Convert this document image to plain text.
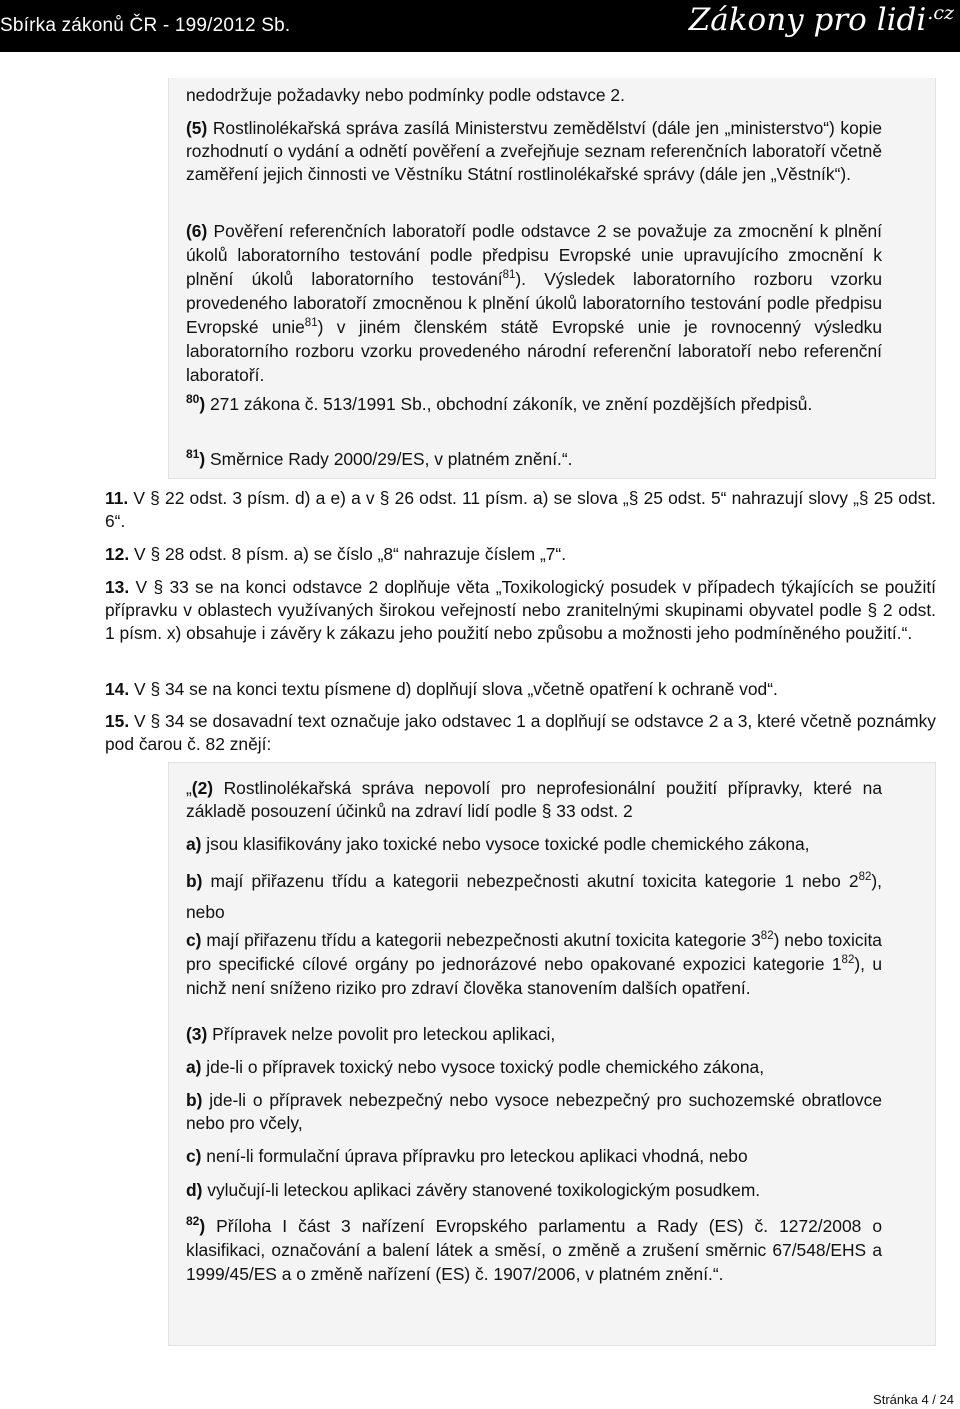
Sbírka zákonů ČR - 199/2012 Sb.	Zákony pro lidi$^{.cz}$

nedodržuje požadavky nebo podmínky podle odstavce 2.

(5) Rostlinolékařská správa zasílá Ministerstvu zemědělství (dále jen „ministerstvo“) kopie rozhodnutí o vydání a odnětí pověření a zveřejňuje seznam referenčních laboratoří včetně zaměření jejich činnosti ve Věstníku Státní rostlinolékařské správy (dále jen „Věstník“).

(6) Pověření referenčních laboratoří podle odstavce 2 se považuje za zmocnění k plnění úkolů laboratorního testování podle předpisu Evropské unie upravujícího zmocnění k plnění úkolů laboratorního testování$^{81}$). Výsledek laboratorního rozboru vzorku provedeného laboratoří zmocněnou k plnění úkolů laboratorního testování podle předpisu Evropské unie$^{81}$) v jiném členském státě Evropské unie je rovnocenný výsledku laboratorního rozboru vzorku provedeného národní referenční laboratoří nebo referenční laboratoří.

$^{80}$) 271 zákona č. 513/1991 Sb., obchodní zákoník, ve znění pozdějších předpisů.

$^{81}$) Směrnice Rady 2000/29/ES, v platném znění.“.

11. V § 22 odst. 3 písm. d) a e) a v § 26 odst. 11 písm. a) se slova „§ 25 odst. 5“ nahrazují slovy „§ 25 odst. 6“.

12. V § 28 odst. 8 písm. a) se číslo „8“ nahrazuje číslem „7“.

13. V § 33 se na konci odstavce 2 doplňuje věta „Toxikologický posudek v případech týkajících se použití přípravku v oblastech využívaných širokou veřejností nebo zranitelnými skupinami obyvatel podle § 2 odst. 1 písm. x) obsahuje i závěry k zákazu jeho použití nebo způsobu a možnosti jeho podmíněného použití.“.

14. V § 34 se na konci textu písmene d) doplňují slova „včetně opatření k ochraně vod“.

15. V § 34 se dosavadní text označuje jako odstavec 1 a doplňují se odstavce 2 a 3, které včetně poznámky pod čarou č. 82 znějí:

„(2) Rostlinolékařská správa nepovolí pro neprofesionální použití přípravky, které na základě posouzení účinků na zdraví lidí podle § 33 odst. 2

a) jsou klasifikovány jako toxické nebo vysoce toxické podle chemického zákona,

b) mají přiřazenu třídu a kategorii nebezpečnosti akutní toxicita kategorie 1 nebo $2^{82}$), nebo

c) mají přiřazenu třídu a kategorii nebezpečnosti akutní toxicita kategorie $3^{82}$) nebo toxicita pro specifické cílové orgány po jednorázové nebo opakované expozici kategorie $1^{82}$), u nichž není sníženo riziko pro zdraví člověka stanovením dalších opatření.

(3) Přípravek nelze povolit pro leteckou aplikaci,

a) jde-li o přípravek toxický nebo vysoce toxický podle chemického zákona,

b) jde-li o přípravek nebezpečný nebo vysoce nebezpečný pro suchozemské obratlovce nebo pro včely,

c) není-li formulační úprava přípravku pro leteckou aplikaci vhodná, nebo

d) vylučují-li leteckou aplikaci závěry stanovené toxikologickým posudkem.

$^{82}$) Příloha I část 3 nařízení Evropského parlamentu a Rady (ES) č. 1272/2008 o klasifikaci, označování a balení látek a směsí, o změně a zrušení směrnic 67/548/EHS a 1999/45/ES a o změně nařízení (ES) č. 1907/2006, v platném znění.“.

Stránka 4 / 24
